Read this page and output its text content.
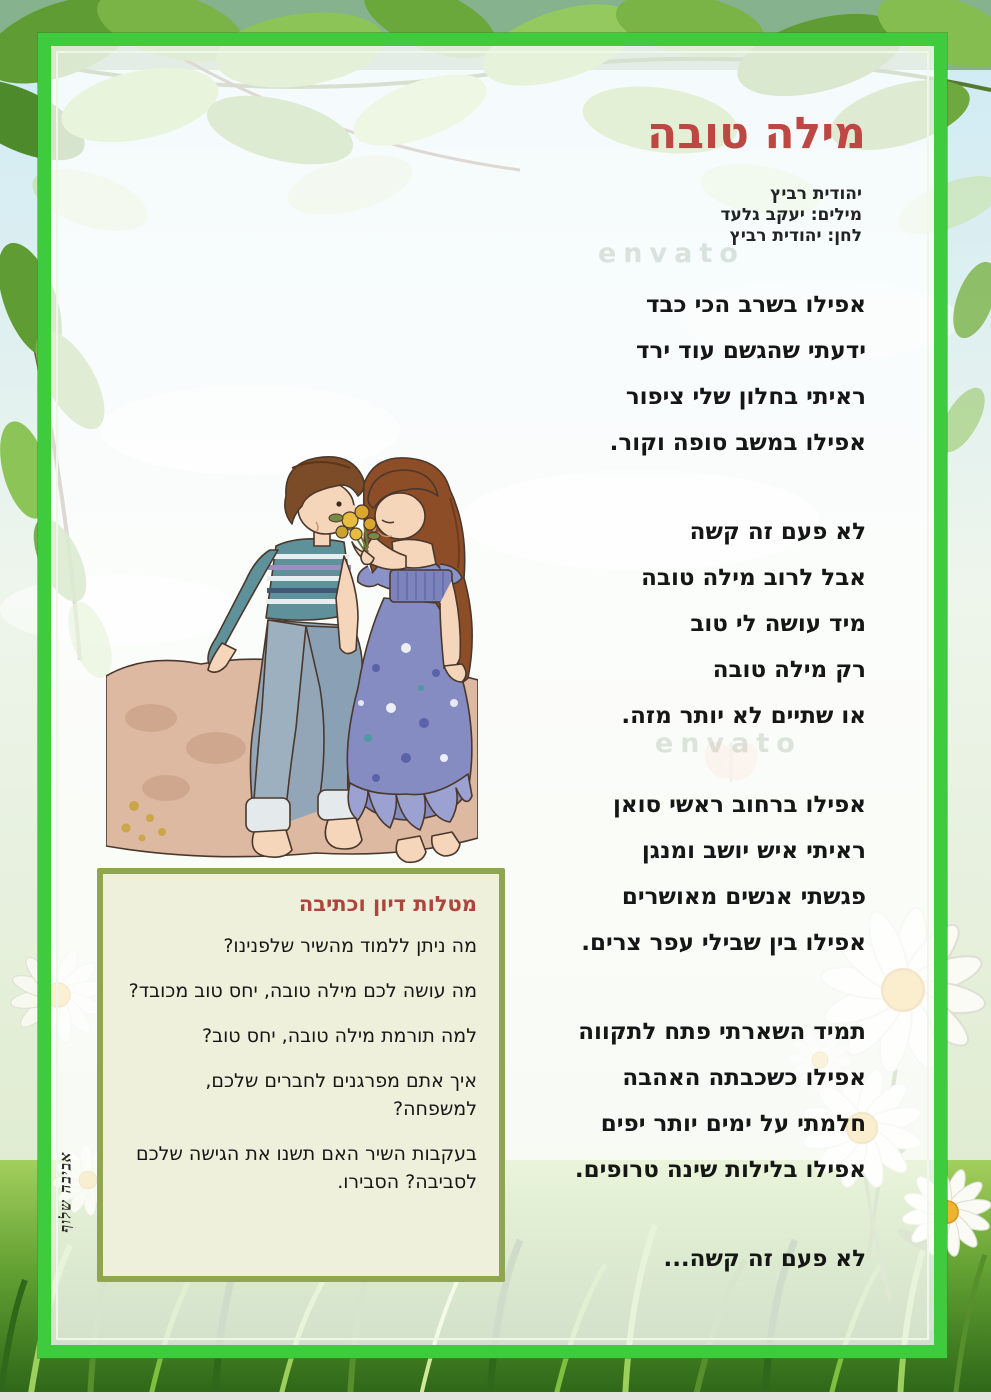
envato
envato
מילה טובה
יהודית רביץ
מילים: יעקב גלעד
לחן: יהודית רביץ
אפילו בשרב הכי כבד
ידעתי שהגשם עוד ירד
ראיתי בחלון שלי ציפור
אפילו במשב סופה וקור.
לא פעם זה קשה
אבל לרוב מילה טובה
מיד עושה לי טוב
רק מילה טובה
או שתיים לא יותר מזה.
אפילו ברחוב ראשי סואן
ראיתי איש יושב ומנגן
פגשתי אנשים מאושרים
אפילו בין שבילי עפר צרים.
תמיד השארתי פתח לתקווה
אפילו כשכבתה האהבה
חלמתי על ימים יותר יפים
אפילו בלילות שינה טרופים.
לא פעם זה קשה...
מטלות דיון וכתיבה
מה ניתן ללמוד מהשיר שלפנינו?
מה עושה לכם מילה טובה, יחס טוב מכובד?
למה תורמת מילה טובה, יחס טוב?
איך אתם מפרגנים לחברים שלכם, למשפחה?
בעקבות השיר האם תשנו את הגישה שלכם לסביבה? הסבירו.
אביבה שלוף
